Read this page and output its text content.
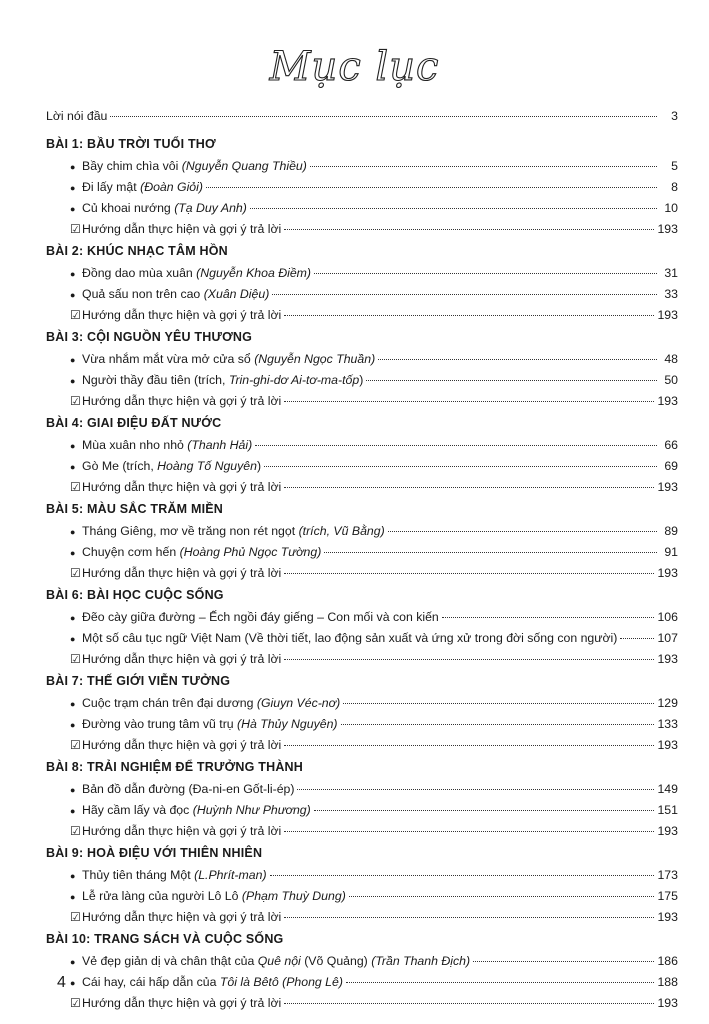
Mục lục
Lời nói đầu	3
BÀI 1: BẦU TRỜI TUỔI THƠ
● Bầy chim chìa vôi (Nguyễn Quang Thiều)	5
● Đi lấy mật (Đoàn Giỏi)	8
● Củ khoai nướng (Tạ Duy Anh)	10
☑ Hướng dẫn thực hiện và gợi ý trả lời	193
BÀI 2: KHÚC NHẠC TÂM HỒN
● Đồng dao mùa xuân (Nguyễn Khoa Điềm)	31
● Quả sấu non trên cao (Xuân Diệu)	33
☑ Hướng dẫn thực hiện và gợi ý trả lời	193
BÀI 3: CỘI NGUỒN YÊU THƯƠNG
● Vừa nhắm mắt vừa mở cửa sổ (Nguyễn Ngọc Thuần)	48
● Người thầy đầu tiên (trích, Trin-ghi-dơ Ai-tơ-ma-tốp)	50
☑ Hướng dẫn thực hiện và gợi ý trả lời	193
BÀI 4: GIAI ĐIỆU ĐẤT NƯỚC
● Mùa xuân nho nhỏ (Thanh Hải)	66
● Gò Me (trích, Hoàng Tố Nguyên)	69
☑ Hướng dẫn thực hiện và gợi ý trả lời	193
BÀI 5: MÀU SẮC TRĂM MIỀN
● Tháng Giêng, mơ về trăng non rét ngọt (trích, Vũ Bằng)	89
● Chuyện cơm hến (Hoàng Phủ Ngọc Tường)	91
☑ Hướng dẫn thực hiện và gợi ý trả lời	193
BÀI 6: BÀI HỌC CUỘC SỐNG
● Đẽo cày giữa đường – Ếch ngồi đáy giếng – Con mối và con kiến	106
● Một số câu tục ngữ Việt Nam (Về thời tiết, lao động sản xuất và ứng xử trong đời sống con người)	107
☑ Hướng dẫn thực hiện và gợi ý trả lời	193
BÀI 7: THẾ GIỚI VIỄN TƯỞNG
● Cuộc trạm chán trên đại dương (Giuyn Véc-nơ)	129
● Đường vào trung tâm vũ trụ (Hà Thủy Nguyên)	133
☑ Hướng dẫn thực hiện và gợi ý trả lời	193
BÀI 8: TRẢI NGHIỆM ĐỂ TRƯỞNG THÀNH
● Bản đồ dẫn đường (Đa-ni-en Gốt-li-ép)	149
● Hãy cầm lấy và đọc (Huỳnh Như Phương)	151
☑ Hướng dẫn thực hiện và gợi ý trả lời	193
BÀI 9: HOÀ ĐIỆU VỚI THIÊN NHIÊN
● Thủy tiên tháng Một (L.Phrít-man)	173
● Lễ rửa làng của người Lô Lô (Phạm Thuỳ Dung)	175
☑ Hướng dẫn thực hiện và gợi ý trả lời	193
BÀI 10: TRANG SÁCH VÀ CUỘC SỐNG
● Vẻ đẹp giản dị và chân thật của Quê nội (Võ Quảng) (Trần Thanh Địch)	186
● Cái hay, cái hấp dẫn của Tôi là Bêtô (Phong Lê)	188
☑ Hướng dẫn thực hiện và gợi ý trả lời	193
4
